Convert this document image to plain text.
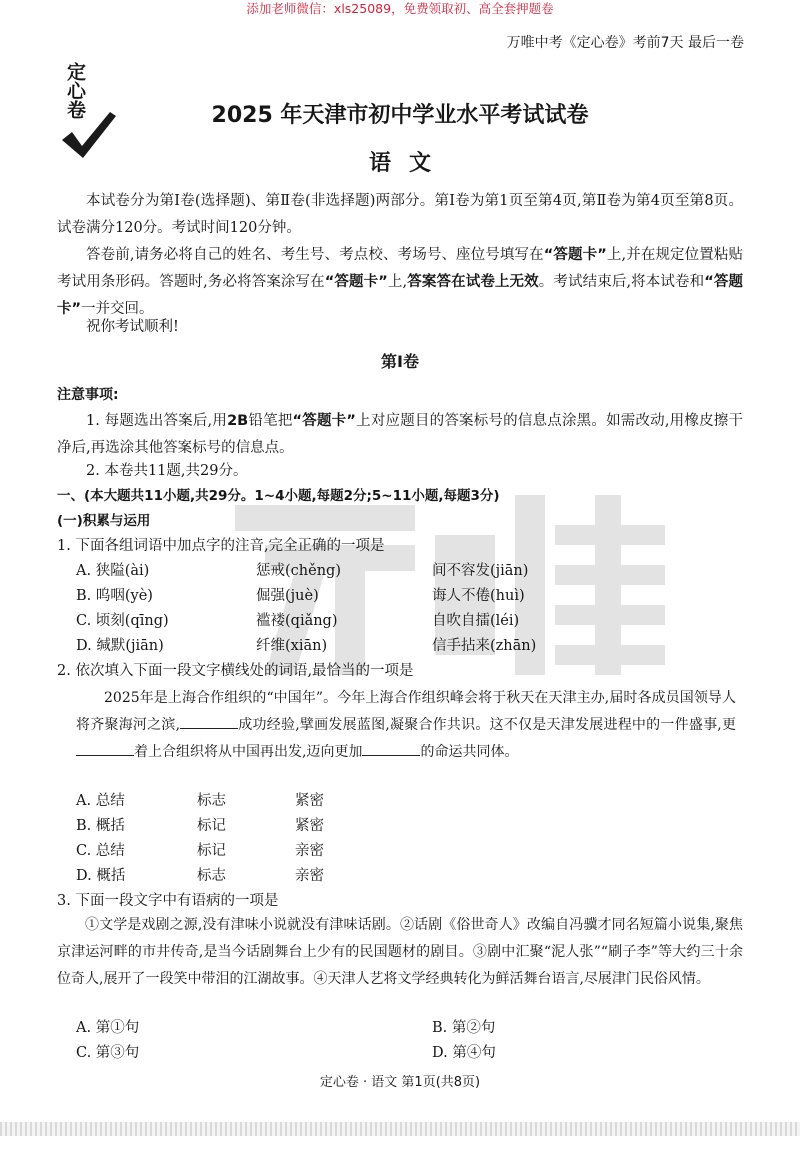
添加老师微信：xls25089，免费领取初、高全套押题卷
万唯中考《定心卷》考前7天 最后一卷
定心卷	2025 年天津市初中学业水平考试试卷
语文
本试卷分为第Ⅰ卷(选择题)、第Ⅱ卷(非选择题)两部分。第Ⅰ卷为第1页至第4页,第Ⅱ卷为第4页至第8页。试卷满分120分。考试时间120分钟。
答卷前,请务必将自己的姓名、考生号、考点校、考场号、座位号填写在“答题卡”上,并在规定位置粘贴考试用条形码。答题时,务必将答案涂写在“答题卡”上,答案答在试卷上无效。考试结束后,将本试卷和“答题卡”一并交回。
祝你考试顺利!
第Ⅰ卷
注意事项:
1. 每题选出答案后,用2B铅笔把“答题卡”上对应题目的答案标号的信息点涂黑。如需改动,用橡皮擦干净后,再选涂其他答案标号的信息点。
2. 本卷共11题,共29分。
一、(本大题共11小题,共29分。1~4小题,每题2分;5~11小题,每题3分)
(一)积累与运用
1. 下面各组词语中加点字的注音,完全正确的一项是
A. 狭隘(ài)	惩戒(chěng)	间不容发(jiān)
B. 呜咽(yè)	倔强(juè)	诲人不倦(huì)
C. 顷刻(qīng)	褴褛(qiǎng)	自吹自擂(léi)
D. 缄默(jiān)	纤维(xiān)	信手拈来(zhān)
2. 依次填入下面一段文字横线处的词语,最恰当的一项是
2025年是上海合作组织的“中国年”。今年上海合作组织峰会将于秋天在天津主办,届时各成员国领导人将齐聚海河之滨,	成功经验,擘画发展蓝图,凝聚合作共识。这不仅是天津发展进程中的一件盛事,更着上合组织将从中国再出发,迈向更加	的命运共同体。
A. 总结	标志	紧密
B. 概括	标记	紧密
C. 总结	标记	亲密
D. 概括	标志	亲密
3. 下面一段文字中有语病的一项是
①文学是戏剧之源,没有津味小说就没有津味话剧。②话剧《俗世奇人》改编自冯骥才同名短篇小说集,聚焦京津运河畔的市井传奇,是当今话剧舞台上少有的民国题材的剧目。③剧中汇聚“泥人张”“刷子李”等大约三十余位奇人,展开了一段笑中带泪的江湖故事。④天津人艺将文学经典转化为鲜活舞台语言,尽展津门民俗风情。
A. 第①句	B. 第②句
C. 第③句	D. 第④句
定心卷 · 语文 第1页(共8页)
